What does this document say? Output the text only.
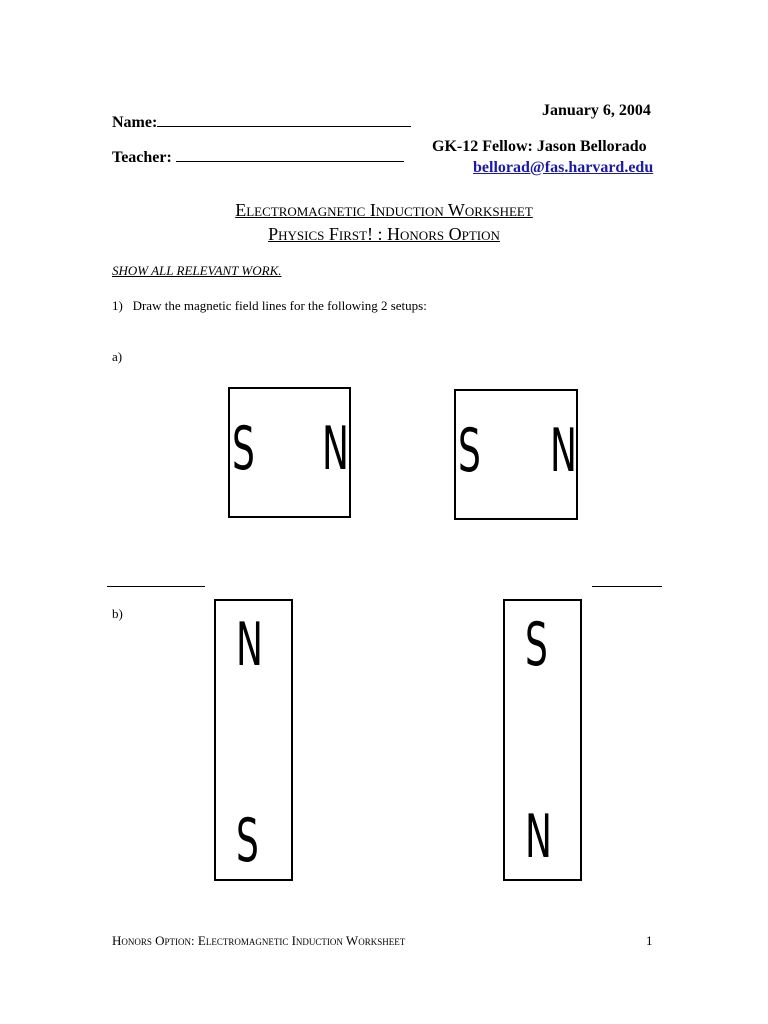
January 6, 2004
Name:
GK-12 Fellow: Jason Bellorado
Teacher:
bellorad@fas.harvard.edu
Electromagnetic Induction Worksheet
Physics First! : Honors Option
SHOW ALL RELEVANT WORK.
1) Draw the magnetic field lines for the following 2 setups:
a)
S N S N
b) N
S
S
N
Honors Option: Electromagnetic Induction Worksheet	1
